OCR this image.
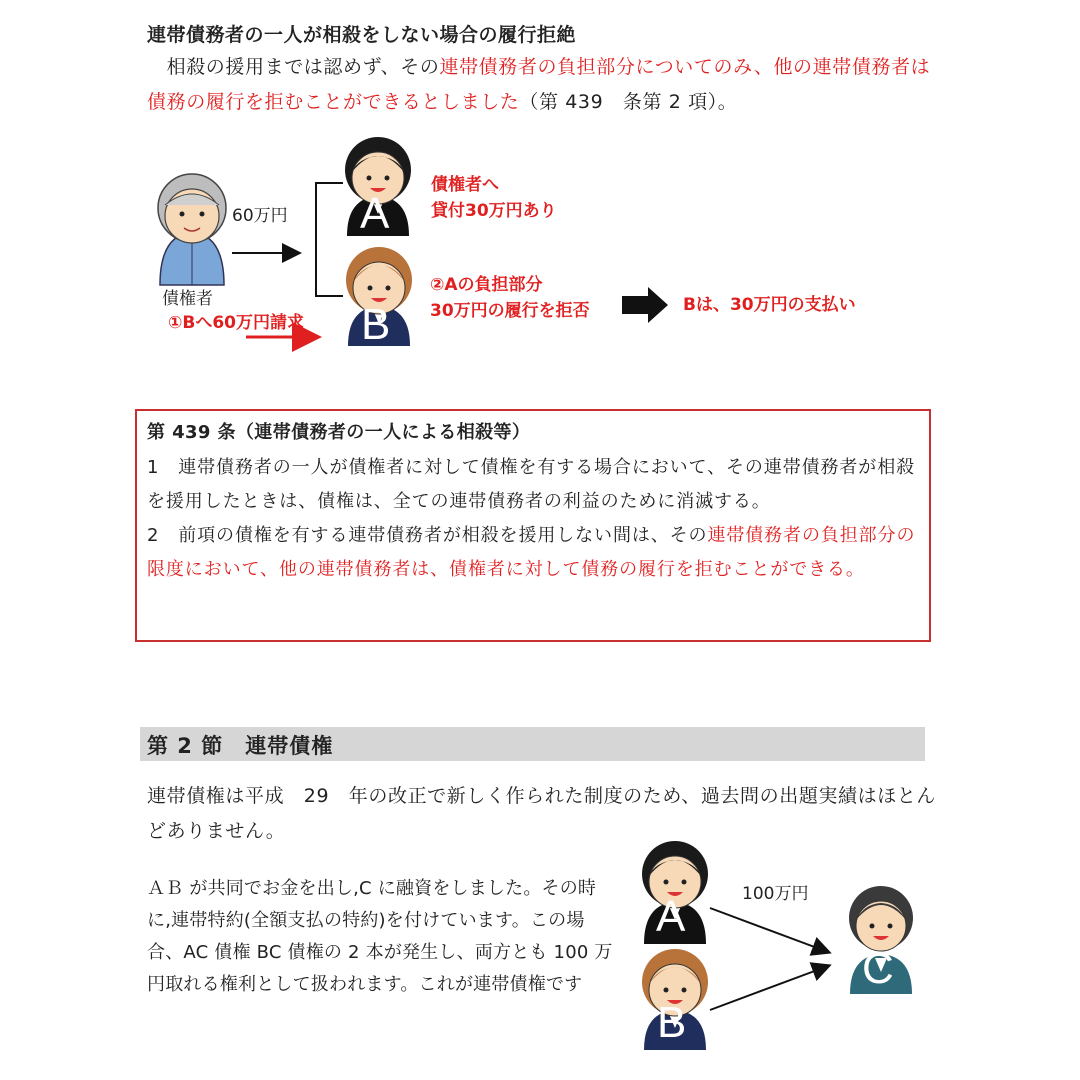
連帯債務者の一人が相殺をしない場合の履行拒絶
　相殺の援用までは認めず、その連帯債務者の負担部分についてのみ、他の連帯債務者は債務の履行を拒むことができるとしました（第 439　条第 2 項）。
60万円
債権者
A
B
債権者へ
貸付30万円あり
②Aの負担部分
30万円の履行を拒否	Bは、30万円の支払い
①Bへ60万円請求
第 439 条（連帯債務者の一人による相殺等）
1　連帯債務者の一人が債権者に対して債権を有する場合において、その連帯債務者が相殺を援用したときは、債権は、全ての連帯債務者の利益のために消滅する。
2　前項の債権を有する連帯債務者が相殺を援用しない間は、その連帯債務者の負担部分の限度において、他の連帯債務者は、債権者に対して債務の履行を拒むことができる。
第 2 節　連帯債権
連帯債権は平成　29　年の改正で新しく作られた制度のため、過去問の出題実績はほとんどありません。
ＡＢ が共同でお金を出し,C に融資をしました。その時に,連帯特約(全額支払の特約)を付けています。この場合、AC 債権 BC 債権の 2 本が発生し、両方とも 100 万円取れる権利として扱われます。これが連帯債権です
100万円
A
B
C
